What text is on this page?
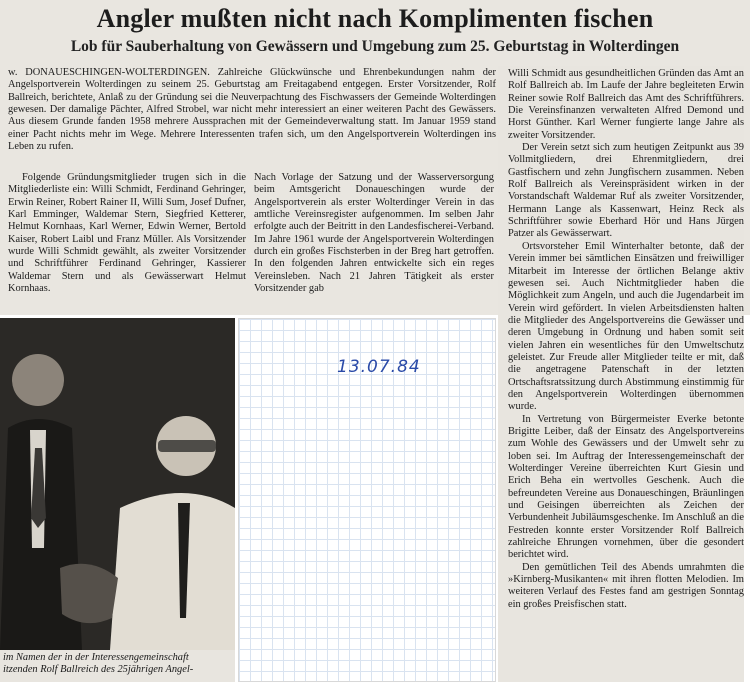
Angler mußten nicht nach Komplimenten fischen
Lob für Sauberhaltung von Gewässern und Umgebung zum 25. Geburtstag in Wolterdingen

w. DONAUESCHINGEN-WOLTERDINGEN. Zahlreiche Glückwünsche und Ehrenbekundungen nahm der Angelsportverein Wolterdingen zu seinem 25. Geburtstag am Freitagabend entgegen. Erster Vorsitzender, Rolf Ballreich, berichtete, Anlaß zu der Gründung sei die Neuverpachtung des Fischwassers der Gemeinde Wolterdingen gewesen. Der damalige Pächter, Alfred Strobel, war nicht mehr interessiert an einer weiteren Pacht des Gewässers. Aus diesem Grunde fanden 1958 mehrere Aussprachen mit der Gemeindeverwaltung statt. Im Januar 1959 stand einer Pacht nichts mehr im Wege. Mehrere Interessenten trafen sich, um den Angelsportverein Wolterdingen ins Leben zu rufen.

Folgende Gründungsmitglieder trugen sich in die Mitgliederliste ein: Willi Schmidt, Ferdinand Gehringer, Erwin Reiner, Robert Rainer II, Willi Sum, Josef Dufner, Karl Emminger, Waldemar Stern, Siegfried Ketterer, Helmut Kornhaas, Karl Werner, Edwin Werner, Bertold Kaiser, Robert Laibl und Franz Müller. Als Vorsitzender wurde Willi Schmidt gewählt, als zweiter Vorsitzender und Schriftführer Ferdinand Gehringer, Kassierer Waldemar Stern und als Gewässerwart Helmut Kornhaas.

Nach Vorlage der Satzung und der Wasserversorgung beim Amtsgericht Donaueschingen wurde der Angelsportverein als erster Wolterdinger Verein in das amtliche Vereinsregister aufgenommen. Im selben Jahr erfolgte auch der Beitritt in den Landesfischerei-Verband. Im Jahre 1961 wurde der Angelsportverein Wolterdingen durch ein großes Fischsterben in der Breg hart getroffen. In den folgenden Jahren entwickelte sich ein reges Vereinsleben. Nach 21 Jahren Tätigkeit als erster Vorsitzender gab

Willi Schmidt aus gesundheitlichen Gründen das Amt an Rolf Ballreich ab. Im Laufe der Jahre begleiteten Erwin Reiner sowie Rolf Ballreich das Amt des Schriftführers. Die Vereinsfinanzen verwalteten Alfred Demond und Horst Günther. Karl Werner fungierte lange Jahre als zweiter Vorsitzender.

Der Verein setzt sich zum heutigen Zeitpunkt aus 39 Vollmitgliedern, drei Ehrenmitgliedern, drei Gastfischern und zehn Jungfischern zusammen. Neben Rolf Ballreich als Vereinspräsident wirken in der Vorstandschaft Waldemar Ruf als zweiter Vorsitzender, Hermann Lange als Kassenwart, Heinz Reck als Schriftführer sowie Eberhard Hör und Hans Jürgen Patzer als Gewässerwart.

Ortsvorsteher Emil Winterhalter betonte, daß der Verein immer bei sämtlichen Einsätzen und freiwilliger Mitarbeit im Interesse der örtlichen Belange aktiv gewesen sei. Auch Nichtmitglieder haben die Möglichkeit zum Angeln, und auch die Jugendarbeit im Verein wird gefördert. In vielen Arbeitsdiensten halten die Mitglieder des Angelsportvereins die Gewässer und deren Umgebung in Ordnung und haben somit seit vielen Jahren ein wesentliches für den Umweltschutz geleistet. Zur Freude aller Mitglieder teilte er mit, daß die angetragene Patenschaft in der letzten Ortschaftsratssitzung durch Abstimmung einstimmig für den Angelsportverein Wolterdingen übernommen wurde.

In Vertretung von Bürgermeister Everke betonte Brigitte Leiber, daß der Einsatz des Angelsportvereins zum Wohle des Gewässers und der Umwelt sehr zu loben sei. Im Auftrag der Interessengemeinschaft der Wolterdinger Vereine überreichten Kurt Giesin und Erich Beha ein wertvolles Geschenk. Auch die befreundeten Vereine aus Donaueschingen, Bräunlingen und Geisingen überreichten als Zeichen der Verbundenheit Jubiläumsgeschenke. Im Anschluß an die Festreden konnte erster Vorsitzender Rolf Ballreich zahlreiche Ehrungen vornehmen, über die gesondert berichtet wird.

Den gemütlichen Teil des Abends umrahmten die »Kirnberg-Musikanten« mit ihren flotten Melodien. Im weiteren Verlauf des Festes fand am gestrigen Sonntag ein großes Preisfischen statt.

im Namen der in der Interessengemeinschaft
itzenden Rolf Ballreich des 25jährigen Angel-
13.07.84
